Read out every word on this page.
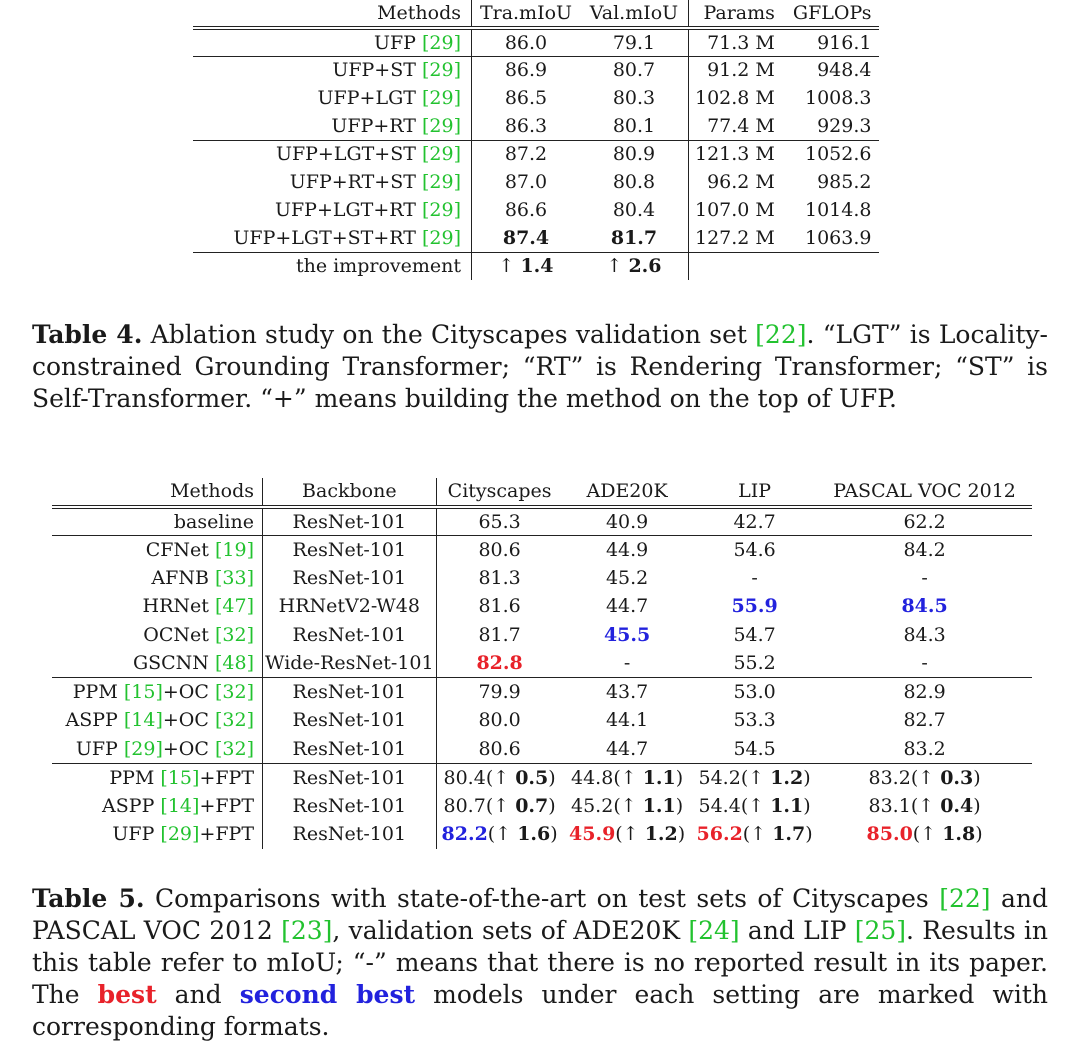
Methods	Tra.mIoU	Val.mIoU	Params	GFLOPs
UFP [29]	86.0	79.1	71.3 M	916.1
UFP+ST [29]	86.9	80.7	91.2 M	948.4
UFP+LGT [29]	86.5	80.3	102.8 M	1008.3
UFP+RT [29]	86.3	80.1	77.4 M	929.3
UFP+LGT+ST [29]	87.2	80.9	121.3 M	1052.6
UFP+RT+ST [29]	87.0	80.8	96.2 M	985.2
UFP+LGT+RT [29]	86.6	80.4	107.0 M	1014.8
UFP+LGT+ST+RT [29]	87.4	81.7	127.2 M	1063.9
the improvement	↑ 1.4	↑ 2.6		

Table 4. Ablation study on the Cityscapes validation set [22]. “LGT” is Locality-constrained Grounding Transformer; “RT” is Rendering Transformer; “ST” is Self-Transformer. “+” means building the method on the top of UFP.

Methods	Backbone	Cityscapes	ADE20K	LIP	PASCAL VOC 2012
baseline	ResNet-101	65.3	40.9	42.7	62.2
CFNet [19]	ResNet-101	80.6	44.9	54.6	84.2
AFNB [33]	ResNet-101	81.3	45.2	-	-
HRNet [47]	HRNetV2-W48	81.6	44.7	55.9	84.5
OCNet [32]	ResNet-101	81.7	45.5	54.7	84.3
GSCNN [48]	Wide-ResNet-101	82.8	-	55.2	-
PPM [15]+OC [32]	ResNet-101	79.9	43.7	53.0	82.9
ASPP [14]+OC [32]	ResNet-101	80.0	44.1	53.3	82.7
UFP [29]+OC [32]	ResNet-101	80.6	44.7	54.5	83.2
PPM [15]+FPT	ResNet-101	80.4(↑ 0.5)	44.8(↑ 1.1)	54.2(↑ 1.2)	83.2(↑ 0.3)
ASPP [14]+FPT	ResNet-101	80.7(↑ 0.7)	45.2(↑ 1.1)	54.4(↑ 1.1)	83.1(↑ 0.4)
UFP [29]+FPT	ResNet-101	82.2(↑ 1.6)	45.9(↑ 1.2)	56.2(↑ 1.7)	85.0(↑ 1.8)

Table 5. Comparisons with state-of-the-art on test sets of Cityscapes [22] and PASCAL VOC 2012 [23], validation sets of ADE20K [24] and LIP [25]. Results in this table refer to mIoU; “-” means that there is no reported result in its paper. The best and second best models under each setting are marked with corresponding formats.
